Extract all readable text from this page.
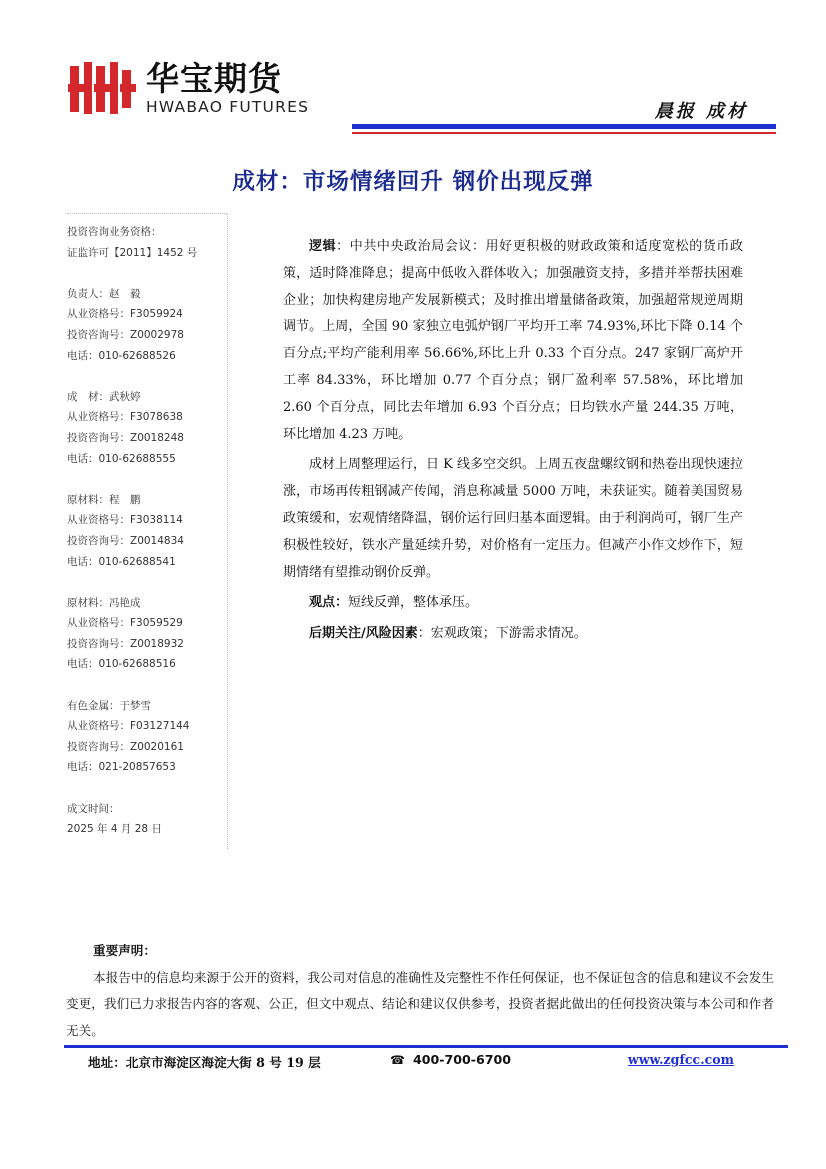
华宝期货
HWABAO FUTURES	晨报 成材
成材：市场情绪回升 钢价出现反弹
投资咨询业务资格：
证监许可【2011】1452 号
负责人：赵　毅
从业资格号：F3059924
投资咨询号：Z0002978
电话：010-62688526
成　材：武秋婷
从业资格号：F3078638
投资咨询号：Z0018248
电话：010-62688555
原材料：程　鹏
从业资格号：F3038114
投资咨询号：Z0014834
电话：010-62688541
原材料：冯艳成
从业资格号：F3059529
投资咨询号：Z0018932
电话：010-62688516
有色金属：于梦雪
从业资格号：F03127144
投资咨询号：Z0020161
电话：021-20857653
成文时间：
2025 年 4 月 28 日

逻辑：中共中央政治局会议：用好更积极的财政政策和适度宽松的货币政策，适时降准降息；提高中低收入群体收入；加强融资支持，多措并举帮扶困难企业；加快构建房地产发展新模式；及时推出增量储备政策，加强超常规逆周期调节。上周，全国 90 家独立电弧炉钢厂平均开工率 74.93%,环比下降 0.14 个百分点;平均产能利用率 56.66%,环比上升 0.33 个百分点。247 家钢厂高炉开工率 84.33%，环比增加 0.77 个百分点；钢厂盈利率 57.58%，环比增加 2.60 个百分点，同比去年增加 6.93 个百分点；日均铁水产量 244.35 万吨，环比增加 4.23 万吨。

成材上周整理运行，日 K 线多空交织。上周五夜盘螺纹钢和热卷出现快速拉涨，市场再传粗钢减产传闻，消息称减量 5000 万吨，未获证实。随着美国贸易政策缓和，宏观情绪降温，钢价运行回归基本面逻辑。由于利润尚可，钢厂生产积极性较好，铁水产量延续升势，对价格有一定压力。但减产小作文炒作下，短期情绪有望推动钢价反弹。

观点：短线反弹，整体承压。

后期关注/风险因素：宏观政策；下游需求情况。

重要声明：
本报告中的信息均来源于公开的资料，我公司对信息的准确性及完整性不作任何保证，也不保证包含的信息和建议不会发生变更，我们已力求报告内容的客观、公正，但文中观点、结论和建议仅供参考，投资者据此做出的任何投资决策与本公司和作者无关。
地址：北京市海淀区海淀大街 8 号 19 层	☎ 400-700-6700	www.zgfcc.com
